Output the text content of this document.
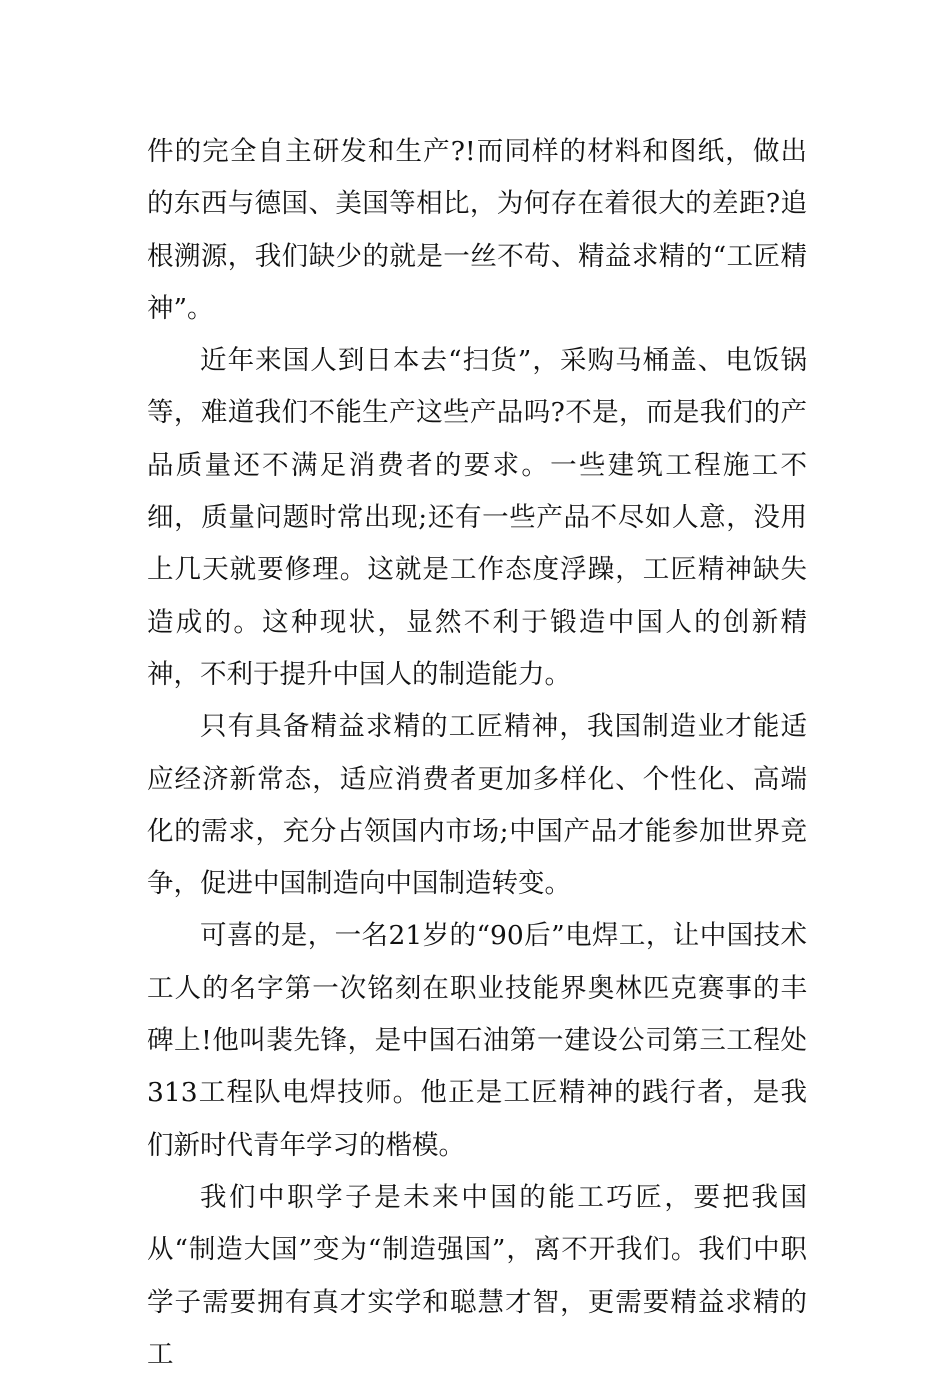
件的完全自主研发和生产?!而同样的材料和图纸，做出的东西与德国、美国等相比，为何存在着很大的差距?追根溯源，我们缺少的就是一丝不苟、精益求精的“工匠精神”。

近年来国人到日本去“扫货”，采购马桶盖、电饭锅等，难道我们不能生产这些产品吗?不是，而是我们的产品质量还不满足消费者的要求。一些建筑工程施工不细，质量问题时常出现;还有一些产品不尽如人意，没用上几天就要修理。这就是工作态度浮躁，工匠精神缺失造成的。这种现状，显然不利于锻造中国人的创新精神，不利于提升中国人的制造能力。

只有具备精益求精的工匠精神，我国制造业才能适应经济新常态，适应消费者更加多样化、个性化、高端化的需求，充分占领国内市场;中国产品才能参加世界竞争，促进中国制造向中国制造转变。

可喜的是，一名21岁的“90后”电焊工，让中国技术工人的名字第一次铭刻在职业技能界奥林匹克赛事的丰碑上!他叫裴先锋，是中国石油第一建设公司第三工程处313工程队电焊技师。他正是工匠精神的践行者，是我们新时代青年学习的楷模。

我们中职学子是未来中国的能工巧匠，要把我国从“制造大国”变为“制造强国”，离不开我们。我们中职学子需要拥有真才实学和聪慧才智，更需要精益求精的工
